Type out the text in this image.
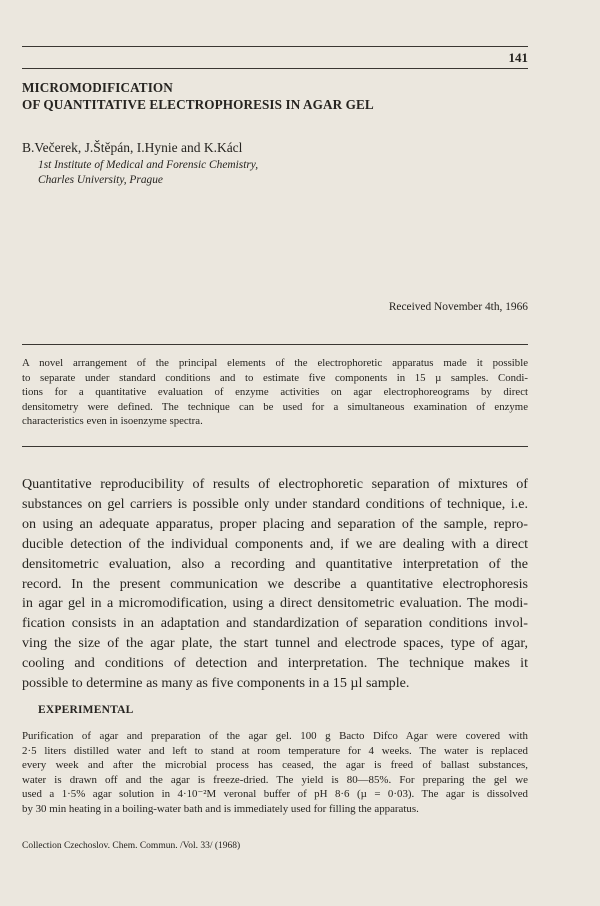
141

MICROMODIFICATION
OF QUANTITATIVE ELECTROPHORESIS IN AGAR GEL

B.Večerek, J.Štěpán, I.Hynie and K.Kácl

1st Institute of Medical and Forensic Chemistry,
Charles University, Prague

Received November 4th, 1966

A novel arrangement of the principal elements of the electrophoretic apparatus made it possible
to separate under standard conditions and to estimate five components in 15 µ samples. Condi-
tions for a quantitative evaluation of enzyme activities on agar electrophoreograms by direct
densitometry were defined. The technique can be used for a simultaneous examination of enzyme
characteristics even in isoenzyme spectra.
Quantitative reproducibility of results of electrophoretic separation of mixtures of
substances on gel carriers is possible only under standard conditions of technique, i.e.
on using an adequate apparatus, proper placing and separation of the sample, repro-
ducible detection of the individual components and, if we are dealing with a direct
densitometric evaluation, also a recording and quantitative interpretation of the
record. In the present communication we describe a quantitative electrophoresis
in agar gel in a micromodification, using a direct densitometric evaluation. The modi-
fication consists in an adaptation and standardization of separation conditions invol-
ving the size of the agar plate, the start tunnel and electrode spaces, type of agar,
cooling and conditions of detection and interpretation. The technique makes it
possible to determine as many as five components in a 15 µl sample.

EXPERIMENTAL

Purification of agar and preparation of the agar gel. 100 g Bacto Difco Agar were covered with
2·5 liters distilled water and left to stand at room temperature for 4 weeks. The water is replaced
every week and after the microbial process has ceased, the agar is freed of ballast substances,
water is drawn off and the agar is freeze-dried. The yield is 80—85%. For preparing the gel we
used a 1·5% agar solution in 4·10⁻²M veronal buffer of pH 8·6 (µ = 0·03). The agar is dissolved
by 30 min heating in a boiling-water bath and is immediately used for filling the apparatus.

Collection Czechoslov. Chem. Commun. /Vol. 33/ (1968)
